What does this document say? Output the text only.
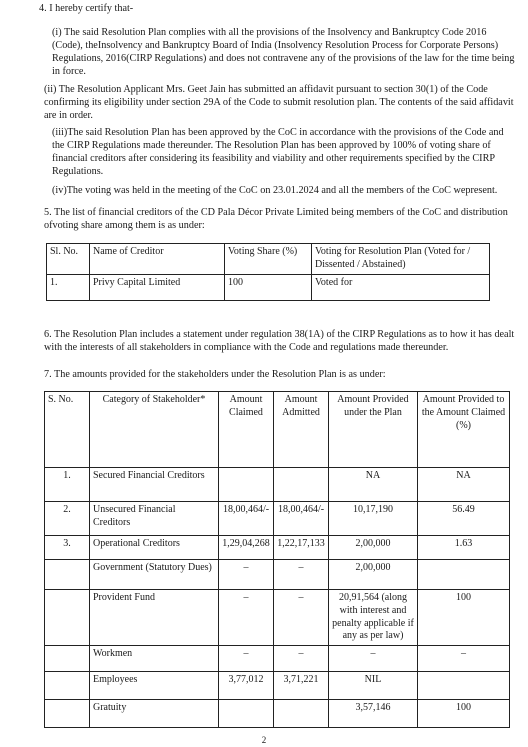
4. I hereby certify that-

(i) The said Resolution Plan complies with all the provisions of the Insolvency and Bankruptcy Code 2016 (Code), theInsolvency and Bankruptcy Board of India (Insolvency Resolution Process for Corporate Persons) Regulations, 2016(CIRP Regulations) and does not contravene any of the provisions of the law for the time being in force.

(ii) The Resolution Applicant Mrs. Geet Jain has submitted an affidavit pursuant to section 30(1) of the Code confirming its eligibility under section 29A of the Code to submit resolution plan. The contents of the said affidavit are in order.

(iii)The said Resolution Plan has been approved by the CoC in accordance with the provisions of the Code and the CIRP Regulations made thereunder. The Resolution Plan has been approved by 100% of voting share of financial creditors after considering its feasibility and viability and other requirements specified by the CIRP Regulations.

(iv)The voting was held in the meeting of the CoC on 23.01.2024 and all the members of the CoC wepresent.

5. The list of financial creditors of the CD Pala Décor Private Limited being members of the CoC and distribution ofvoting share among them is as under:

Sl. No.	Name of Creditor	Voting Share (%)	Voting for Resolution Plan (Voted for / Dissented / Abstained)
1.	Privy Capital Limited	100	Voted for

6. The Resolution Plan includes a statement under regulation 38(1A) of the CIRP Regulations as to how it has dealt with the interests of all stakeholders in compliance with the Code and regulations made thereunder.

7. The amounts provided for the stakeholders under the Resolution Plan is as under:

S. No.	Category of Stakeholder*	Amount Claimed	Amount Admitted	Amount Provided under the Plan	Amount Provided to the Amount Claimed (%)
1.	Secured Financial Creditors			NA	NA
2.	Unsecured Financial Creditors	18,00,464/-	18,00,464/-	10,17,190	56.49
3.	Operational Creditors	1,29,04,268	1,22,17,133	2,00,000	1.63
	Government (Statutory Dues)	–	–	2,00,000	
	Provident Fund	–	–	20,91,564 (along with interest and penalty applicable if any as per law)	100
	Workmen	–	–	–	–
	Employees	3,77,012	3,71,221	NIL	
	Gratuity			3,57,146	100
2
